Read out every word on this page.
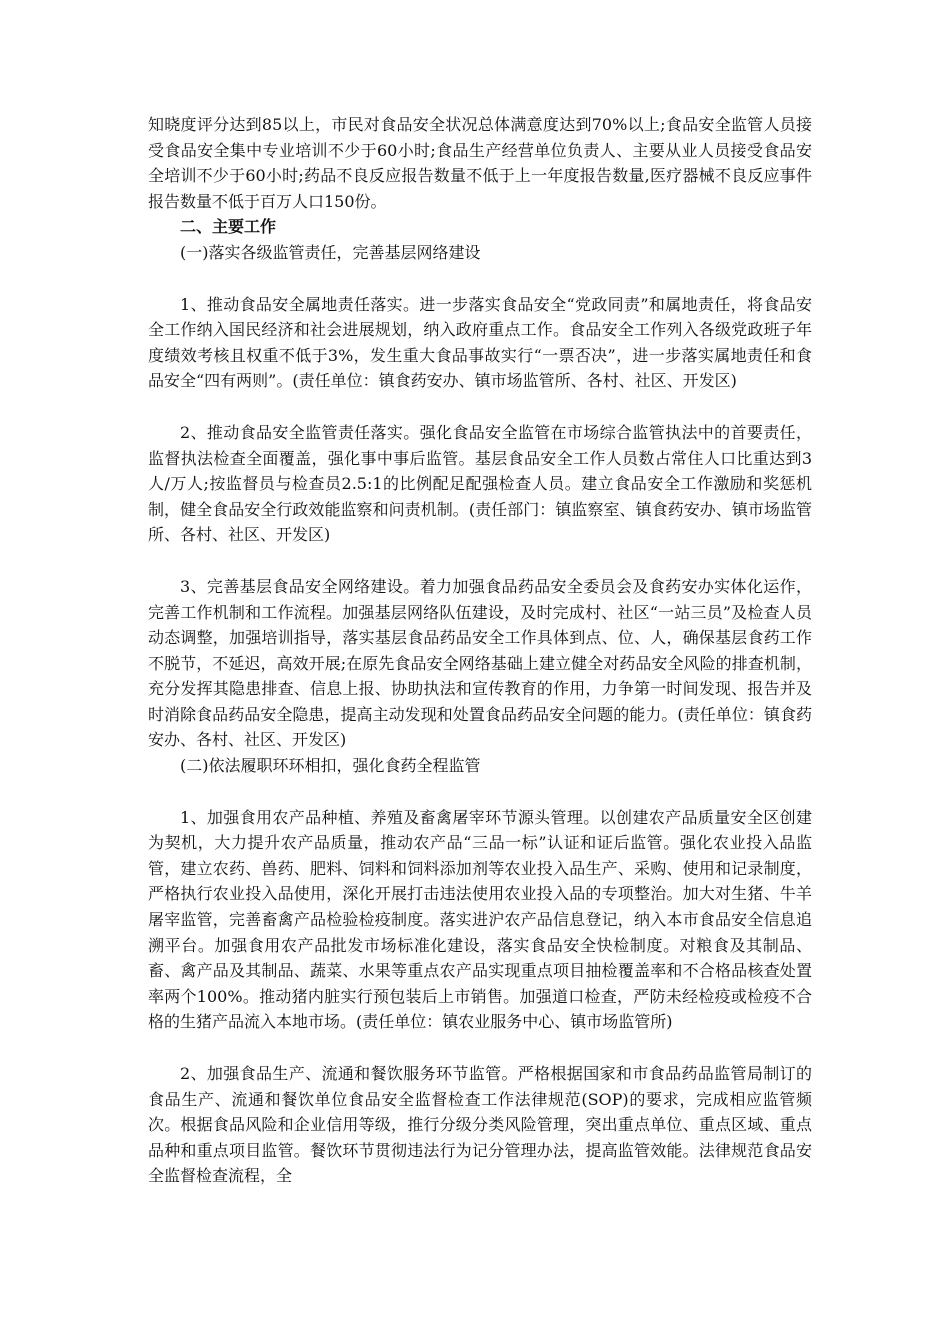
知晓度评分达到85以上，市民对食品安全状况总体满意度达到70%以上;食品安全监管人员接受食品安全集中专业培训不少于60小时;食品生产经营单位负责人、主要从业人员接受食品安全培训不少于60小时;药品不良反应报告数量不低于上一年度报告数量,医疗器械不良反应事件报告数量不低于百万人口150份。

二、主要工作

(一)落实各级监管责任，完善基层网络建设

1、推动食品安全属地责任落实。进一步落实食品安全“党政同责”和属地责任，将食品安全工作纳入国民经济和社会进展规划，纳入政府重点工作。食品安全工作列入各级党政班子年度绩效考核且权重不低于3%，发生重大食品事故实行“一票否决”，进一步落实属地责任和食品安全“四有两则”。(责任单位：镇食药安办、镇市场监管所、各村、社区、开发区)

2、推动食品安全监管责任落实。强化食品安全监管在市场综合监管执法中的首要责任，监督执法检查全面覆盖，强化事中事后监管。基层食品安全工作人员数占常住人口比重达到3人/万人;按监督员与检查员2.5:1的比例配足配强检查人员。建立食品安全工作激励和奖惩机制，健全食品安全行政效能监察和问责机制。(责任部门：镇监察室、镇食药安办、镇市场监管所、各村、社区、开发区)

3、完善基层食品安全网络建设。着力加强食品药品安全委员会及食药安办实体化运作，完善工作机制和工作流程。加强基层网络队伍建设，及时完成村、社区“一站三员”及检查人员动态调整，加强培训指导，落实基层食品药品安全工作具体到点、位、人，确保基层食药工作不脱节，不延迟，高效开展;在原先食品安全网络基础上建立健全对药品安全风险的排查机制，充分发挥其隐患排查、信息上报、协助执法和宣传教育的作用，力争第一时间发现、报告并及时消除食品药品安全隐患，提高主动发现和处置食品药品安全问题的能力。(责任单位：镇食药安办、各村、社区、开发区)

(二)依法履职环环相扣，强化食药全程监管

1、加强食用农产品种植、养殖及畜禽屠宰环节源头管理。以创建农产品质量安全区创建为契机，大力提升农产品质量，推动农产品“三品一标”认证和证后监管。强化农业投入品监管，建立农药、兽药、肥料、饲料和饲料添加剂等农业投入品生产、采购、使用和记录制度，严格执行农业投入品使用，深化开展打击违法使用农业投入品的专项整治。加大对生猪、牛羊屠宰监管，完善畜禽产品检验检疫制度。落实进沪农产品信息登记，纳入本市食品安全信息追溯平台。加强食用农产品批发市场标准化建设，落实食品安全快检制度。对粮食及其制品、畜、禽产品及其制品、蔬菜、水果等重点农产品实现重点项目抽检覆盖率和不合格品核查处置率两个100%。推动猪内脏实行预包装后上市销售。加强道口检查，严防未经检疫或检疫不合格的生猪产品流入本地市场。(责任单位：镇农业服务中心、镇市场监管所)

2、加强食品生产、流通和餐饮服务环节监管。严格根据国家和市食品药品监管局制订的食品生产、流通和餐饮单位食品安全监督检查工作法律规范(SOP)的要求，完成相应监管频次。根据食品风险和企业信用等级，推行分级分类风险管理，突出重点单位、重点区域、重点品种和重点项目监管。餐饮环节贯彻违法行为记分管理办法，提高监管效能。法律规范食品安全监督检查流程，全
